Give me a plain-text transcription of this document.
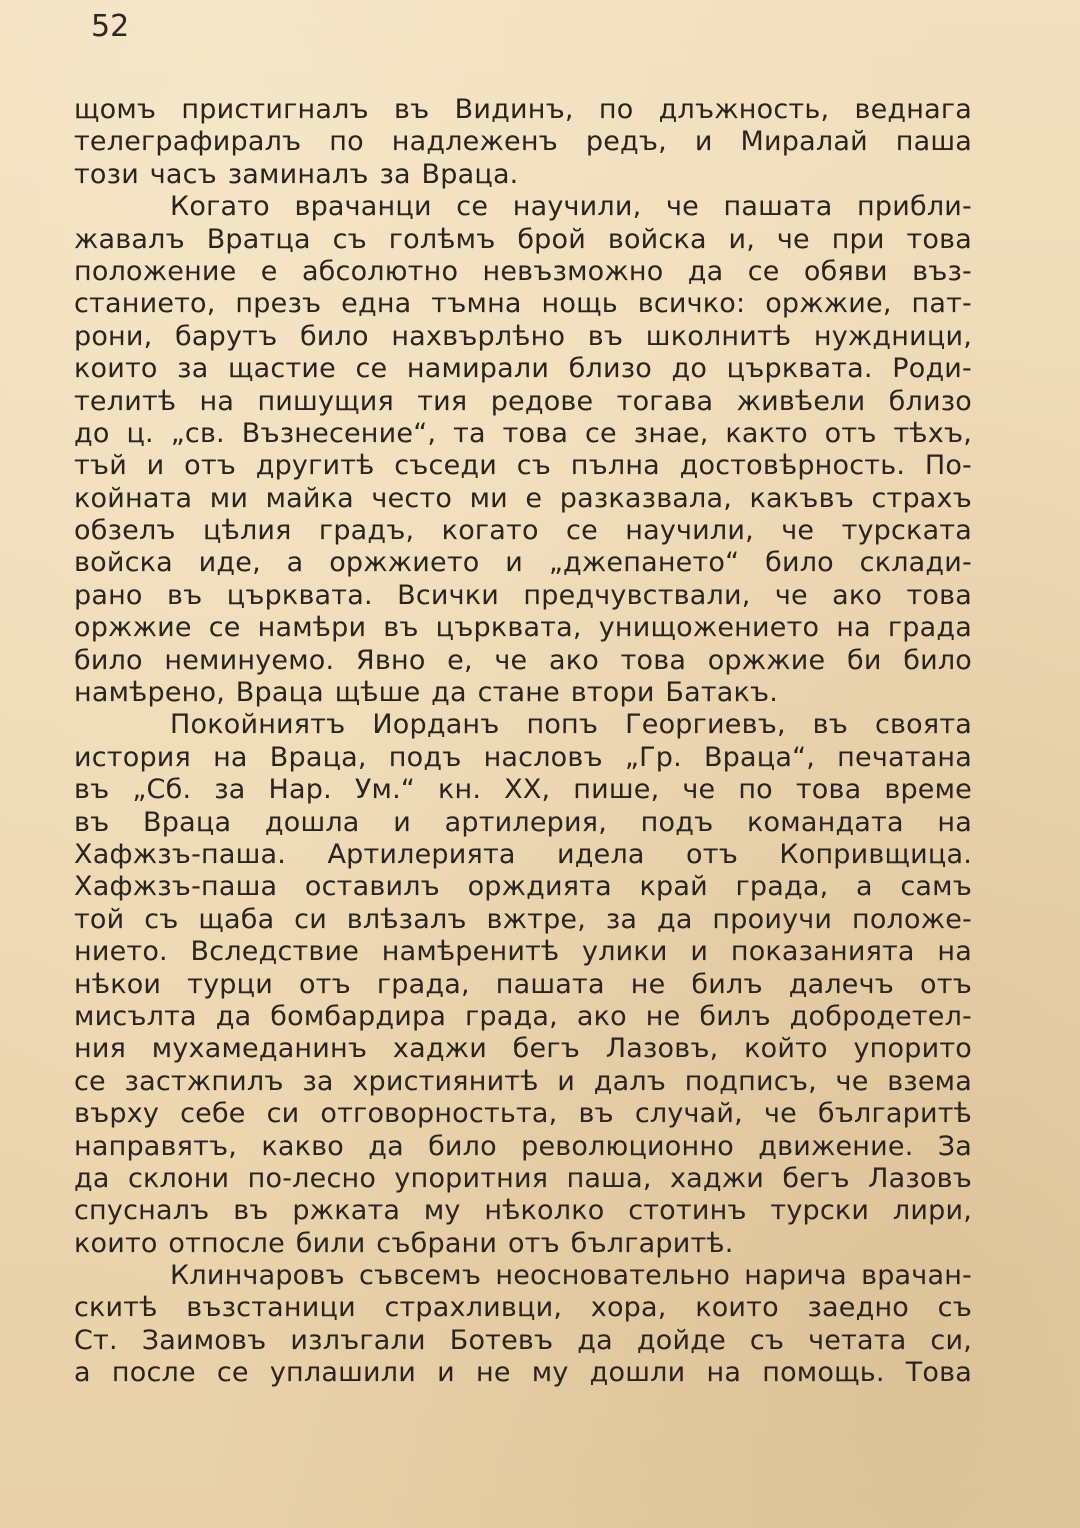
52
щомъ пристигналъ въ Видинъ, по длъжность, веднага
телеграфиралъ по надлеженъ редъ, и Миралай паша
този часъ заминалъ за Враца.
Когато врачанци се научили, че пашата прибли-
жавалъ Вратца съ голѣмъ брой войска и, че при това
положение е абсолютно невъзможно да се обяви въз-
станието, презъ една тъмна нощь всичко: оржжие, пат-
рони, барутъ било нахвърлѣно въ школнитѣ нуждници,
които за щастие се намирали близо до църквата. Роди-
телитѣ на пишущия тия редове тогава живѣели близо
до ц. „св. Възнесение“, та това се знае, както отъ тѣхъ,
тъй и отъ другитѣ съседи съ пълна достовѣрность. По-
койната ми майка често ми е разказвала, какъвъ страхъ
обзелъ цѣлия градъ, когато се научили, че турската
войска иде, а оржжието и „джепането“ било склади-
рано въ църквата. Всички предчувствали, че ако това
оржжие се намѣри въ църквата, унищожението на града
било неминуемо. Явно е, че ако това оржжие би било
намѣрено, Враца щѣше да стане втори Батакъ.
Покойниятъ Иорданъ попъ Георгиевъ, въ своята
история на Враца, подъ насловъ „Гр. Враца“, печатана
въ „Сб. за Нар. Ум.“ кн. XX, пише, че по това време
въ Враца дошла и артилерия, подъ командата на
Хафжзъ-паша. Артилерията идела отъ Копривщица.
Хафжзъ-паша оставилъ орждията край града, а самъ
той съ щаба си влѣзалъ вжтре, за да проиучи положе-
нието. Вследствие намѣренитѣ улики и показанията на
нѣкои турци отъ града, пашата не билъ далечъ отъ
мисълта да бомбардира града, ако не билъ добродетел-
ния мухамеданинъ хаджи бегъ Лазовъ, който упорито
се застжпилъ за християнитѣ и далъ подписъ, че взема
върху себе си отговорностьта, въ случай, че българитѣ
направятъ, какво да било революционно движение. За
да склони по-лесно упоритния паша, хаджи бегъ Лазовъ
спусналъ въ ржката му нѣколко стотинъ турски лири,
които отпосле били събрани отъ българитѣ.
Клинчаровъ съвсемъ неосновательно нарича врачан-
скитѣ възстаници страхливци, хора, които заедно съ
Ст. Заимовъ излъгали Ботевъ да дойде съ четата си,
а после се уплашили и не му дошли на помощь. Това
